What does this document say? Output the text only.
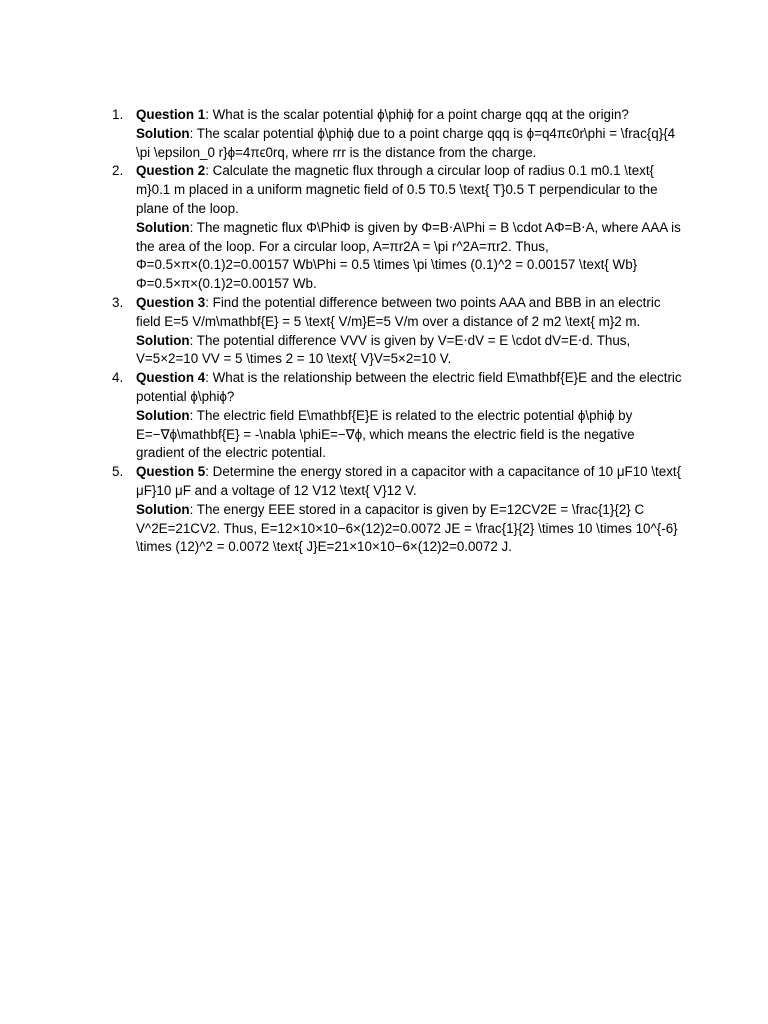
1. Question 1: What is the scalar potential ϕ\phiϕ for a point charge qqq at the origin?
Solution: The scalar potential ϕ\phiϕ due to a point charge qqq is ϕ=q4πϵ0r\phi = \frac{q}{4 \pi \epsilon_0 r}ϕ=4πϵ0rq, where rrr is the distance from the charge.
2. Question 2: Calculate the magnetic flux through a circular loop of radius 0.1 m0.1 \text{ m}0.1 m placed in a uniform magnetic field of 0.5 T0.5 \text{ T}0.5 T perpendicular to the plane of the loop.
Solution: The magnetic flux Φ\PhiΦ is given by Φ=B⋅A\Phi = B \cdot AΦ=B⋅A, where AAA is the area of the loop. For a circular loop, A=πr2A = \pi r^2A=πr2. Thus, Φ=0.5×π×(0.1)2=0.00157 Wb\Phi = 0.5 \times \pi \times (0.1)^2 = 0.00157 \text{ Wb}Φ=0.5×π×(0.1)2=0.00157 Wb.
3. Question 3: Find the potential difference between two points AAA and BBB in an electric field E=5 V/m\mathbf{E} = 5 \text{ V/m}E=5 V/m over a distance of 2 m2 \text{ m}2 m.
Solution: The potential difference VVV is given by V=E⋅dV = E \cdot dV=E⋅d. Thus, V=5×2=10 VV = 5 \times 2 = 10 \text{ V}V=5×2=10 V.
4. Question 4: What is the relationship between the electric field E\mathbf{E}E and the electric potential ϕ\phiϕ?
Solution: The electric field E\mathbf{E}E is related to the electric potential ϕ\phiϕ by E=−∇ϕ\mathbf{E} = -\nabla \phiE=−∇ϕ, which means the electric field is the negative gradient of the electric potential.
5. Question 5: Determine the energy stored in a capacitor with a capacitance of 10 μF10 \text{ μF}10 μF and a voltage of 12 V12 \text{ V}12 V.
Solution: The energy EEE stored in a capacitor is given by E=12CV2E = \frac{1}{2} C V^2E=21CV2. Thus, E=12×10×10−6×(12)2=0.0072 JE = \frac{1}{2} \times 10 \times 10^{-6} \times (12)^2 = 0.0072 \text{ J}E=21×10×10−6×(12)2=0.0072 J.
